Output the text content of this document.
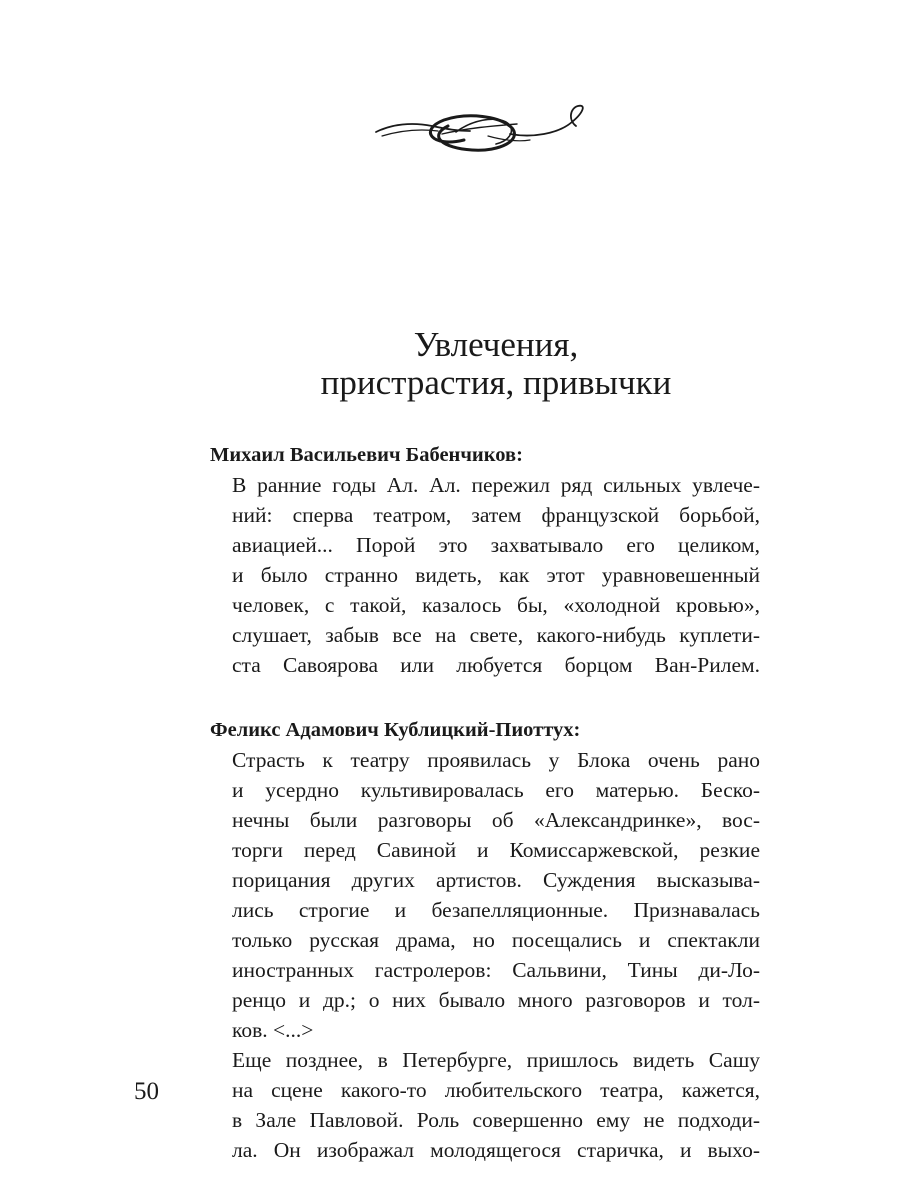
Увлечения,
пристрастия, привычки

Михаил Васильевич Бабенчиков:

В ранние годы Ал. Ал. пережил ряд сильных увлече-
ний: сперва театром, затем французской борьбой,
авиацией... Порой это захватывало его целиком,
и было странно видеть, как этот уравновешенный
человек, с такой, казалось бы, «холодной кровью»,
слушает, забыв все на свете, какого-нибудь куплети-
ста Савоярова или любуется борцом Ван-Рилем.

Феликс Адамович Кублицкий-Пиоттух:

Страсть к театру проявилась у Блока очень рано
и усердно культивировалась его матерью. Беско-
нечны были разговоры об «Александринке», вос-
торги перед Савиной и Комиссаржевской, резкие
порицания других артистов. Суждения высказыва-
лись строгие и безапелляционные. Признавалась
только русская драма, но посещались и спектакли
иностранных гастролеров: Сальвини, Тины ди-Ло-
ренцо и др.; о них бывало много разговоров и тол-
ков. <...>
Еще позднее, в Петербурге, пришлось видеть Сашу
на сцене какого-то любительского театра, кажется,
в Зале Павловой. Роль совершенно ему не подходи-
ла. Он изображал молодящегося старичка, и выхо-
50
